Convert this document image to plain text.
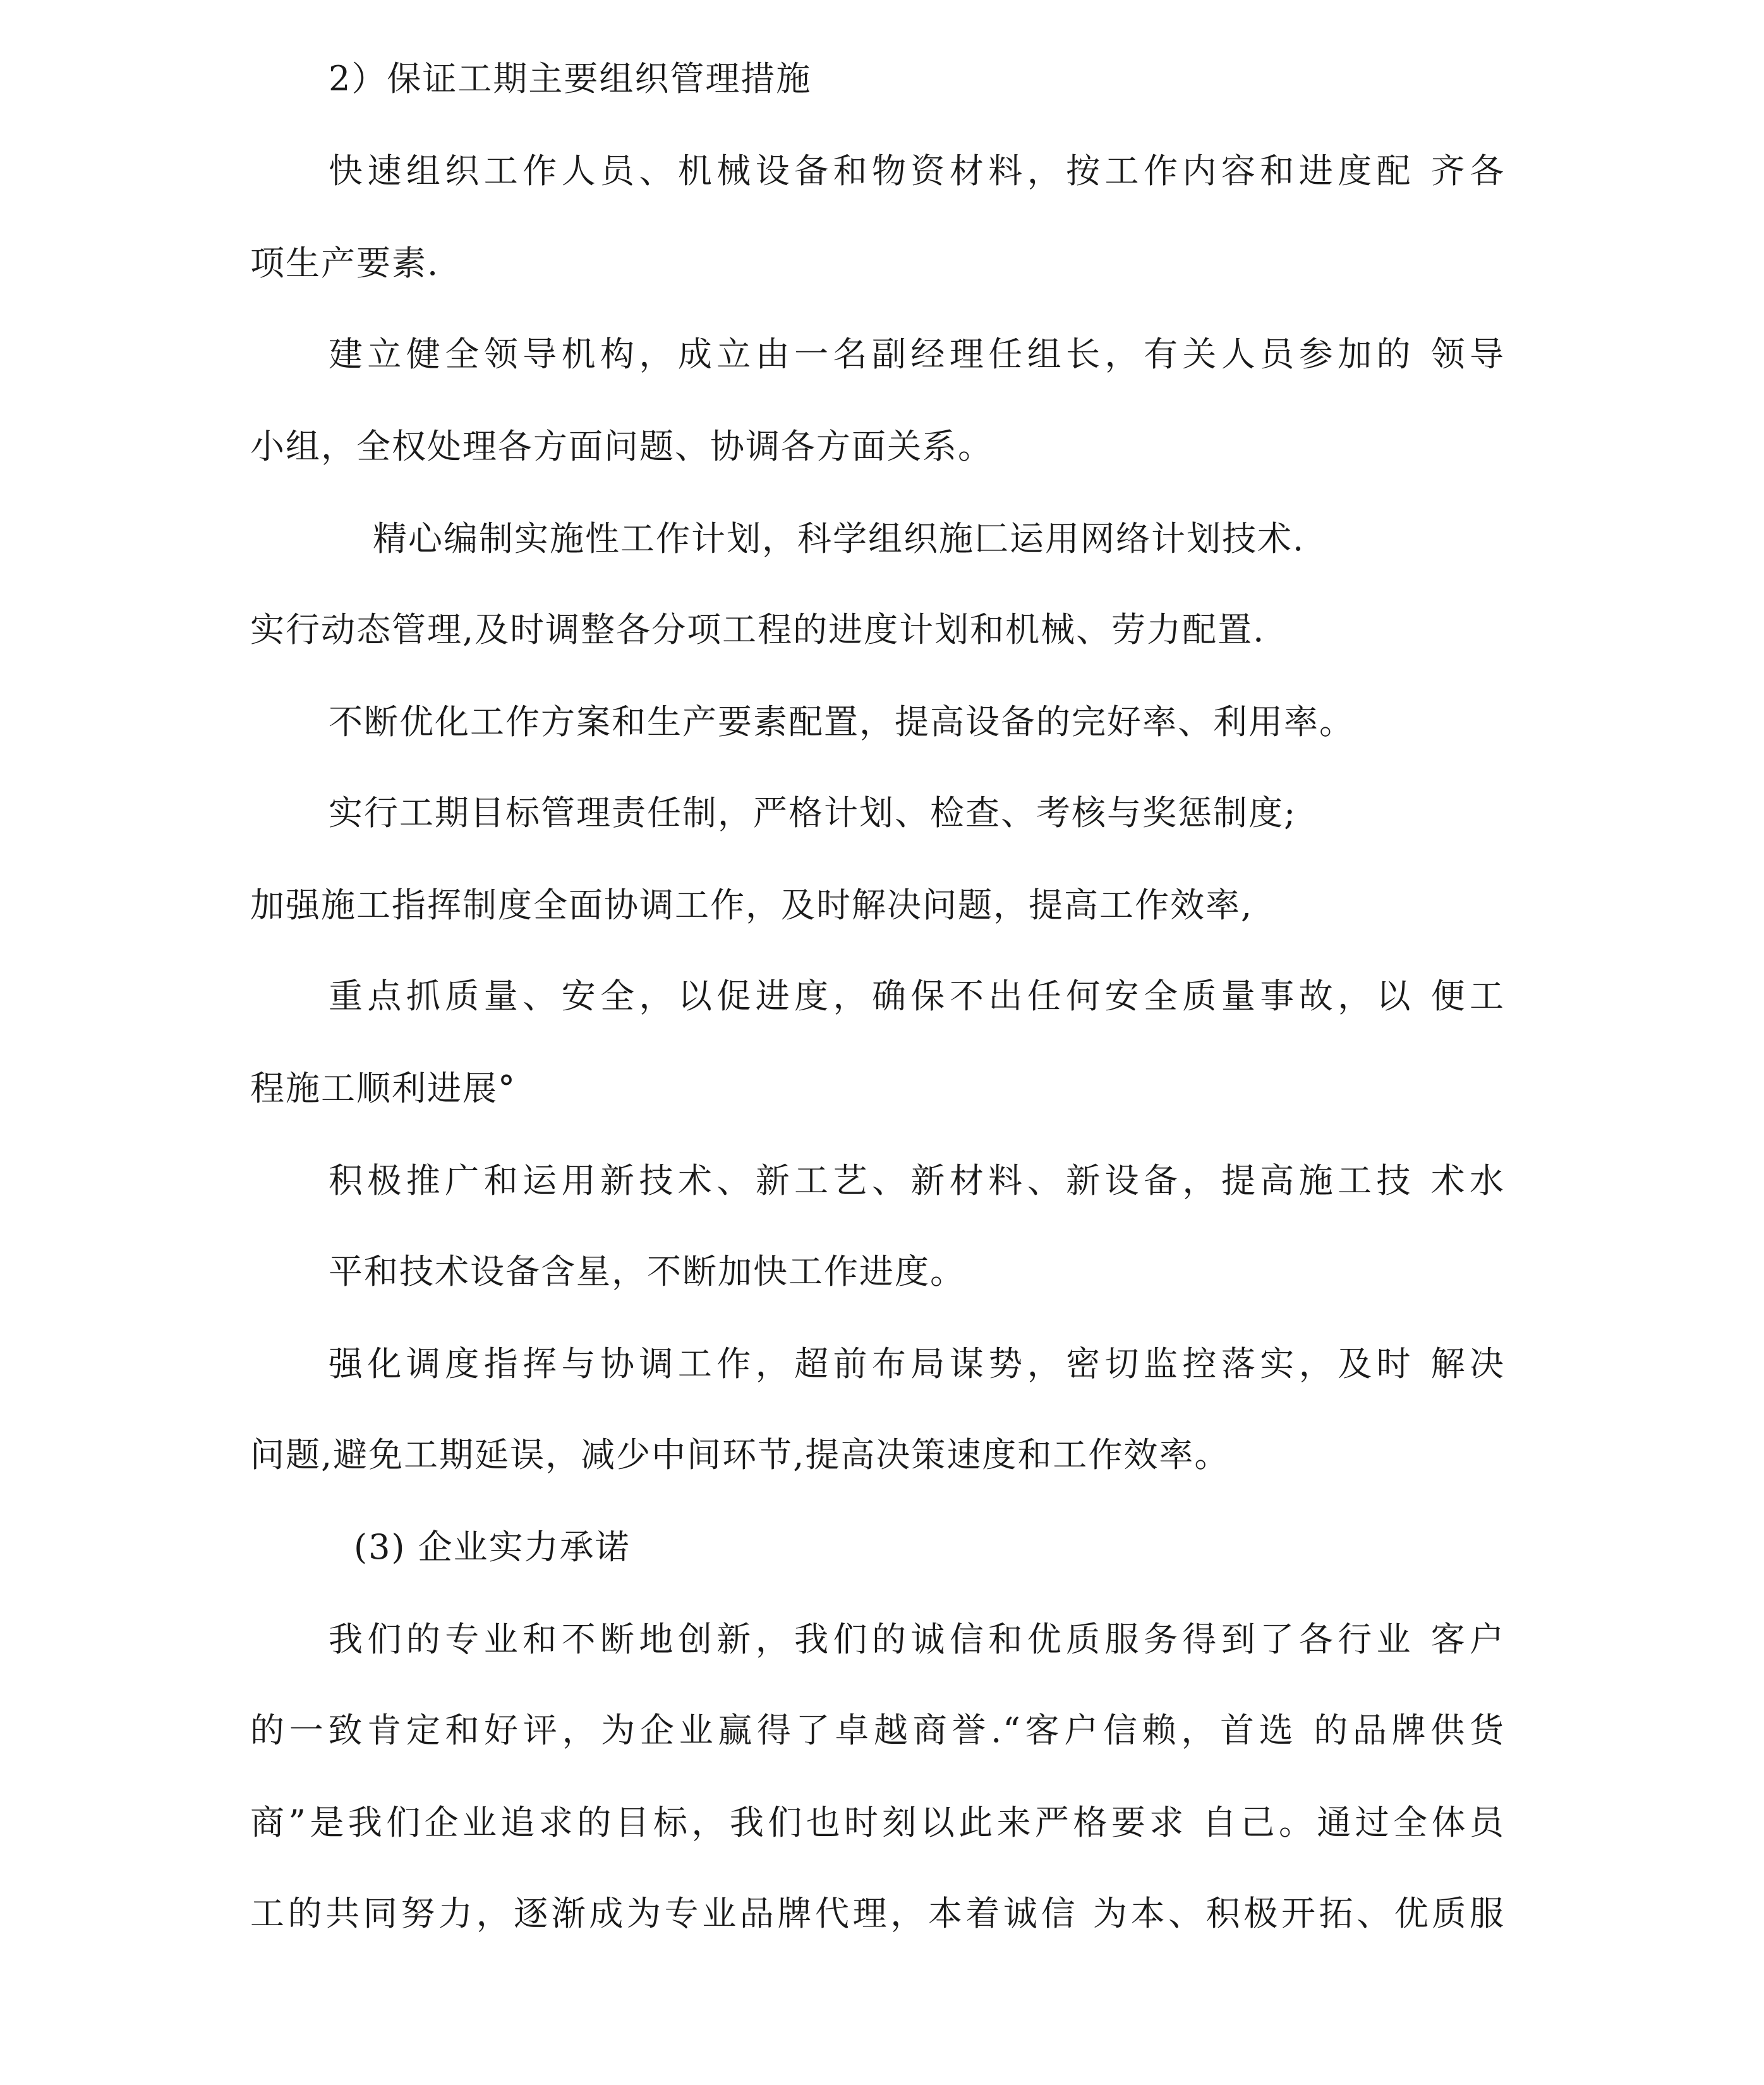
2）保证工期主要组织管理措施
快速组织工作人员、机械设备和物资材料，按工作内容和进度配 齐各
项生产要素.
建立健全领导机构，成立由一名副经理任组长，有关人员参加的 领导
小组，全权处理各方面问题、协调各方面关系。
精心编制实施性工作计划，科学组织施匚运用网络计划技术.
实行动态管理,及时调整各分项工程的进度计划和机械、劳力配置.
不断优化工作方案和生产要素配置，提高设备的完好率、利用率。
实行工期目标管理责任制，严格计划、检查、考核与奖惩制度;
加强施工指挥制度全面协调工作，及时解决问题，提高工作效率,
重点抓质量、安全，以促进度，确保不出任何安全质量事故，以 便工
程施工顺利进展°
积极推广和运用新技术、新工艺、新材料、新设备，提高施工技 术水
平和技术设备含星，不断加快工作进度。
强化调度指挥与协调工作，超前布局谋势，密切监控落实，及时 解决
问题,避免工期延误，减少中间环节,提高决策速度和工作效率。
(3) 企业实力承诺
我们的专业和不断地创新，我们的诚信和优质服务得到了各行业 客户
的一致肯定和好评，为企业赢得了卓越商誉.“客户信赖，首选 的品牌供货
商”是我们企业追求的目标，我们也时刻以此来严格要求 自己。通过全体员
工的共同努力，逐渐成为专业品牌代理，本着诚信 为本、积极开拓、优质服
